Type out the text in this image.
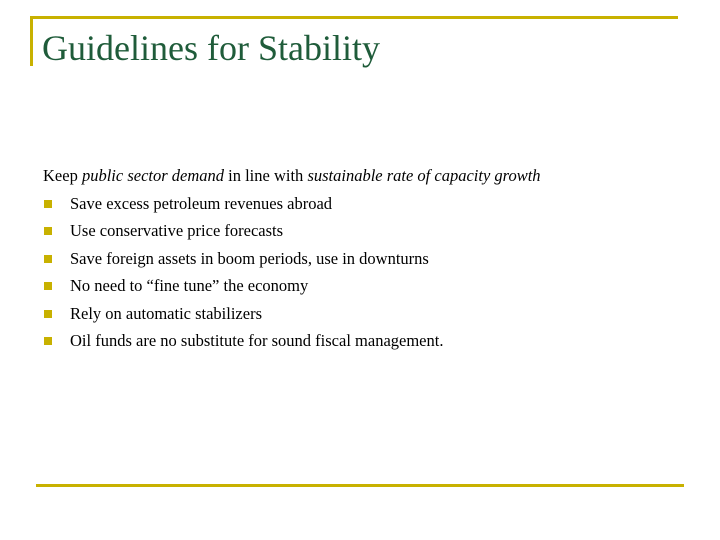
Guidelines for Stability
Keep public sector demand in line with sustainable rate of capacity growth
Save excess petroleum revenues abroad
Use conservative price forecasts
Save foreign assets in boom periods, use in downturns
No need to “fine tune” the economy
Rely on automatic stabilizers
Oil funds are no substitute for sound fiscal management.
